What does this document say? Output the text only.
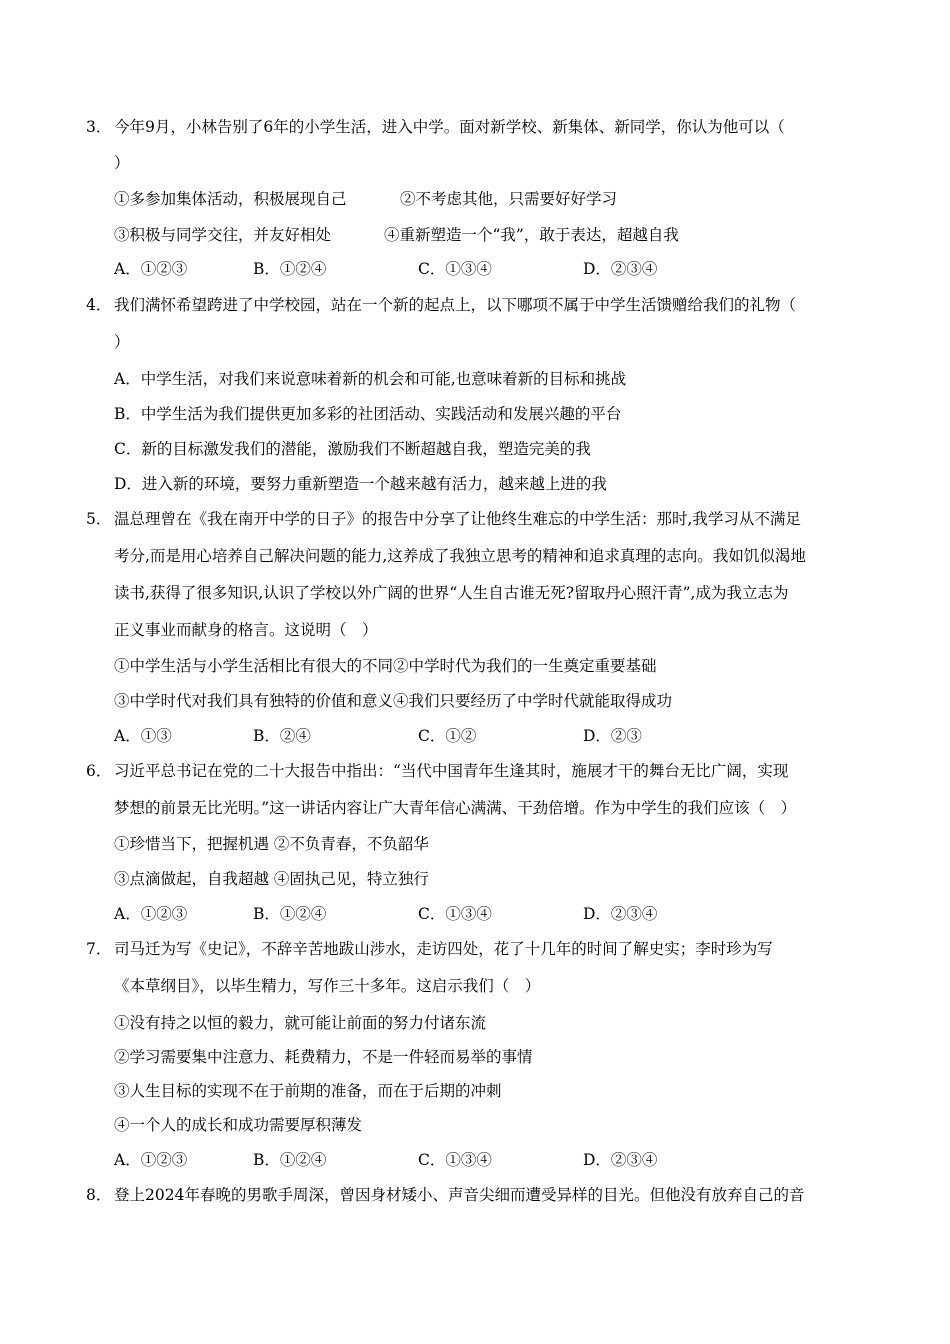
3． 今年9月，小林告别了6年的小学生活，进入中学。面对新学校、新集体、新同学，你认为他可以（
）
①多参加集体活动，积极展现自己	②不考虑其他，只需要好好学习
③积极与同学交往，并友好相处	④重新塑造一个“我”，敢于表达，超越自我
A．①②③	B．①②④	C．①③④	D．②③④
4． 我们满怀希望跨进了中学校园，站在一个新的起点上，以下哪项不属于中学生活馈赠给我们的礼物（
）
A．中学生活，对我们来说意味着新的机会和可能,也意味着新的目标和挑战
B．中学生活为我们提供更加多彩的社团活动、实践活动和发展兴趣的平台
C．新的目标激发我们的潜能，激励我们不断超越自我，塑造完美的我
D．进入新的环境，要努力重新塑造一个越来越有活力，越来越上进的我
5． 温总理曾在《我在南开中学的日子》的报告中分享了让他终生难忘的中学生活：那时,我学习从不满足
考分,而是用心培养自己解决问题的能力,这养成了我独立思考的精神和追求真理的志向。我如饥似渴地
读书,获得了很多知识,认识了学校以外广阔的世界“人生自古谁无死?留取丹心照汗青”,成为我立志为
正义事业而献身的格言。这说明（　）
①中学生活与小学生活相比有很大的不同②中学时代为我们的一生奠定重要基础
③中学时代对我们具有独特的价值和意义④我们只要经历了中学时代就能取得成功
A．①③	B．②④	C．①②	D．②③
6． 习近平总书记在党的二十大报告中指出：“当代中国青年生逢其时，施展才干的舞台无比广阔，实现
梦想的前景无比光明。”这一讲话内容让广大青年信心满满、干劲倍增。作为中学生的我们应该（　）
①珍惜当下，把握机遇 ②不负青春，不负韶华
③点滴做起，自我超越 ④固执己见，特立独行
A．①②③	B．①②④	C．①③④	D．②③④
7． 司马迁为写《史记》，不辞辛苦地跋山涉水，走访四处，花了十几年的时间了解史实；李时珍为写
《本草纲目》，以毕生精力，写作三十多年。这启示我们（　）
①没有持之以恒的毅力，就可能让前面的努力付诸东流
②学习需要集中注意力、耗费精力，不是一件轻而易举的事情
③人生目标的实现不在于前期的准备，而在于后期的冲刺
④一个人的成长和成功需要厚积薄发
A．①②③	B．①②④	C．①③④	D．②③④
8． 登上2024年春晚的男歌手周深，曾因身材矮小、声音尖细而遭受异样的目光。但他没有放弃自己的音
